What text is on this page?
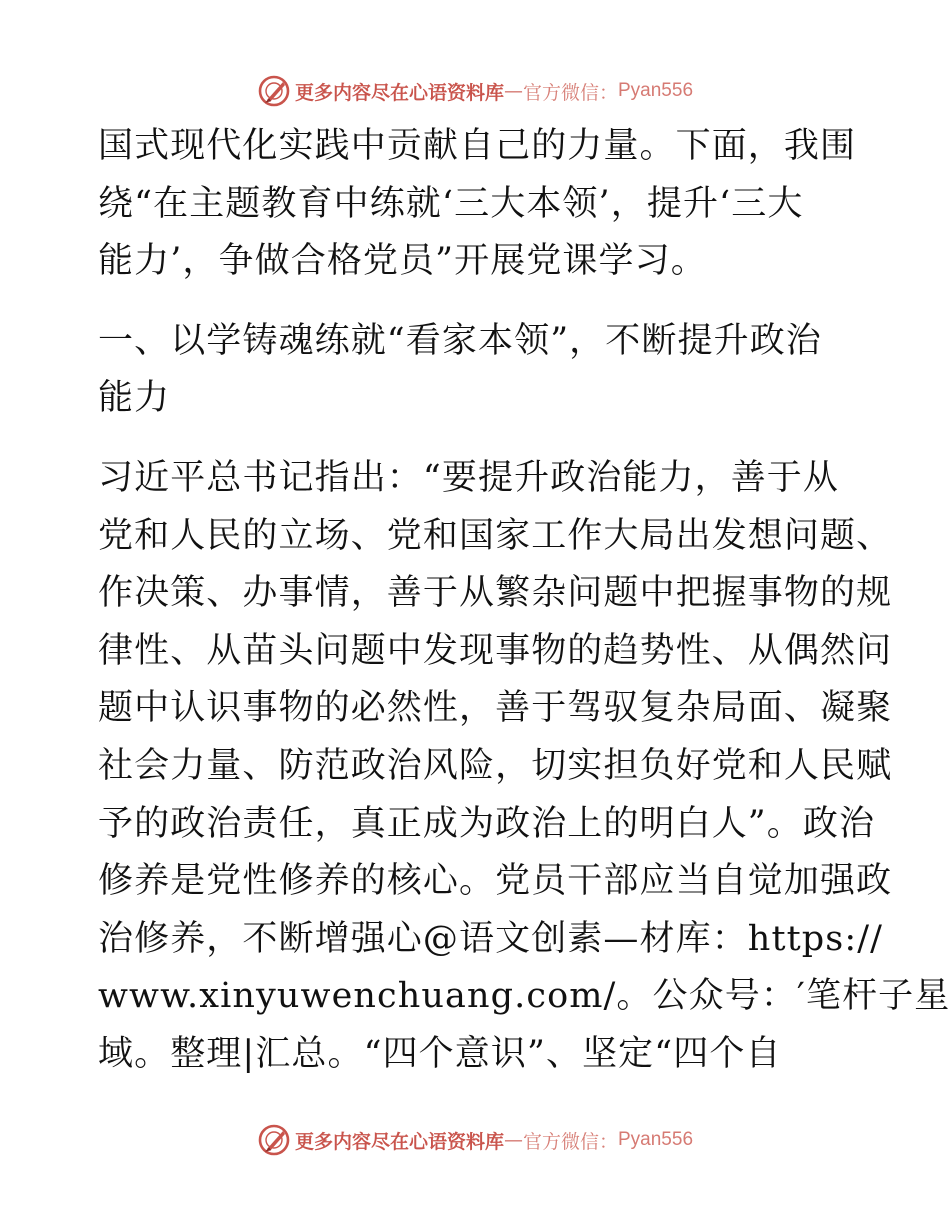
更多内容尽在心语资料库 — 官方微信： Pyan556

国式现代化实践中贡献自己的力量。下面，我围
绕“在主题教育中练就‘三大本领’，提升‘三大
能力’，争做合格党员”开展党课学习。

一、以学铸魂练就“看家本领”，不断提升政治
能力

习近平总书记指出：“要提升政治能力，善于从
党和人民的立场、党和国家工作大局出发想问题、
作决策、办事情，善于从繁杂问题中把握事物的规
律性、从苗头问题中发现事物的趋势性、从偶然问
题中认识事物的必然性，善于驾驭复杂局面、凝聚
社会力量、防范政治风险，切实担负好党和人民赋
予的政治责任，真正成为政治上的明白人”。政治
修养是党性修养的核心。党员干部应当自觉加强政
治修养，不断增强心@语文创素—材库：https://
www.xinyuwenchuang.com/。公众号：′笔杆子星
域。整理|汇总。“四个意识”、坚定“四个自

更多内容尽在心语资料库 — 官方微信： Pyan556
